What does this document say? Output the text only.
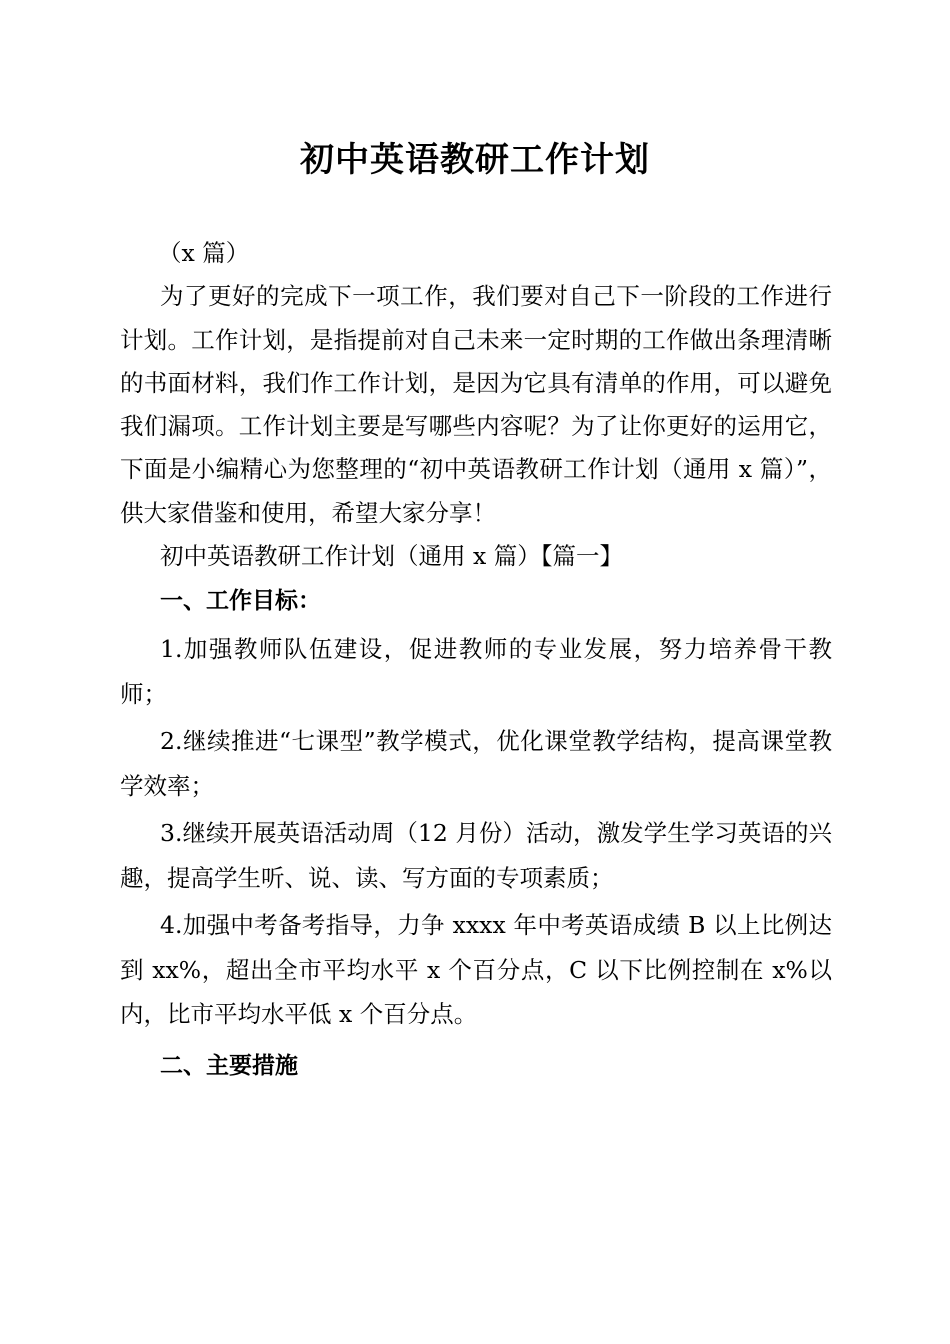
初中英语教研工作计划

（x 篇）

为了更好的完成下一项工作，我们要对自己下一阶段的工作进行计划。工作计划，是指提前对自己未来一定时期的工作做出条理清晰的书面材料，我们作工作计划，是因为它具有清单的作用，可以避免我们漏项。工作计划主要是写哪些内容呢？为了让你更好的运用它，下面是小编精心为您整理的“初中英语教研工作计划（通用 x 篇）”，供大家借鉴和使用，希望大家分享！

初中英语教研工作计划（通用 x 篇）【篇一】

一、工作目标：

1.加强教师队伍建设，促进教师的专业发展，努力培养骨干教师；

2.继续推进“七课型”教学模式，优化课堂教学结构，提高课堂教学效率；

3.继续开展英语活动周（12 月份）活动，激发学生学习英语的兴趣，提高学生听、说、读、写方面的专项素质；

4.加强中考备考指导，力争 xxxx 年中考英语成绩 B 以上比例达到 xx%，超出全市平均水平 x 个百分点，C 以下比例控制在 x%以内，比市平均水平低 x 个百分点。

二、主要措施
